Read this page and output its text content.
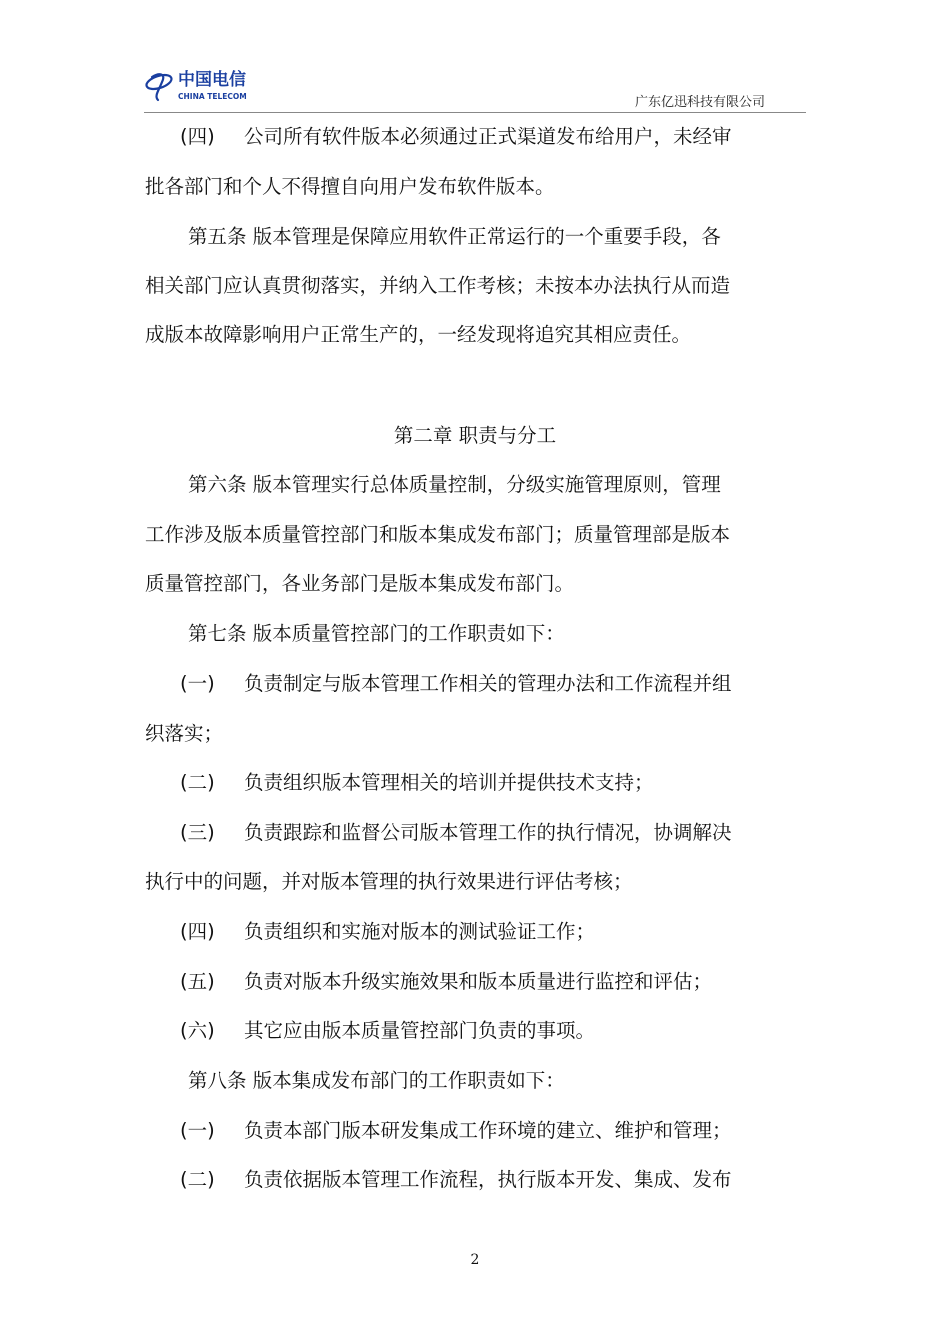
中国电信
CHINA TELECOM	广东亿迅科技有限公司
(四) 公司所有软件版本必须通过正式渠道发布给用户，未经审
批各部门和个人不得擅自向用户发布软件版本。
第五条 版本管理是保障应用软件正常运行的一个重要手段，各
相关部门应认真贯彻落实，并纳入工作考核；未按本办法执行从而造
成版本故障影响用户正常生产的，一经发现将追究其相应责任。
第二章 职责与分工
第六条 版本管理实行总体质量控制，分级实施管理原则，管理
工作涉及版本质量管控部门和版本集成发布部门；质量管理部是版本
质量管控部门，各业务部门是版本集成发布部门。
第七条 版本质量管控部门的工作职责如下：
(一) 负责制定与版本管理工作相关的管理办法和工作流程并组
织落实；
(二) 负责组织版本管理相关的培训并提供技术支持；
(三) 负责跟踪和监督公司版本管理工作的执行情况，协调解决
执行中的问题，并对版本管理的执行效果进行评估考核；
(四) 负责组织和实施对版本的测试验证工作；
(五) 负责对版本升级实施效果和版本质量进行监控和评估；
(六) 其它应由版本质量管控部门负责的事项。
第八条 版本集成发布部门的工作职责如下：
(一) 负责本部门版本研发集成工作环境的建立、维护和管理；
(二) 负责依据版本管理工作流程，执行版本开发、集成、发布
2
